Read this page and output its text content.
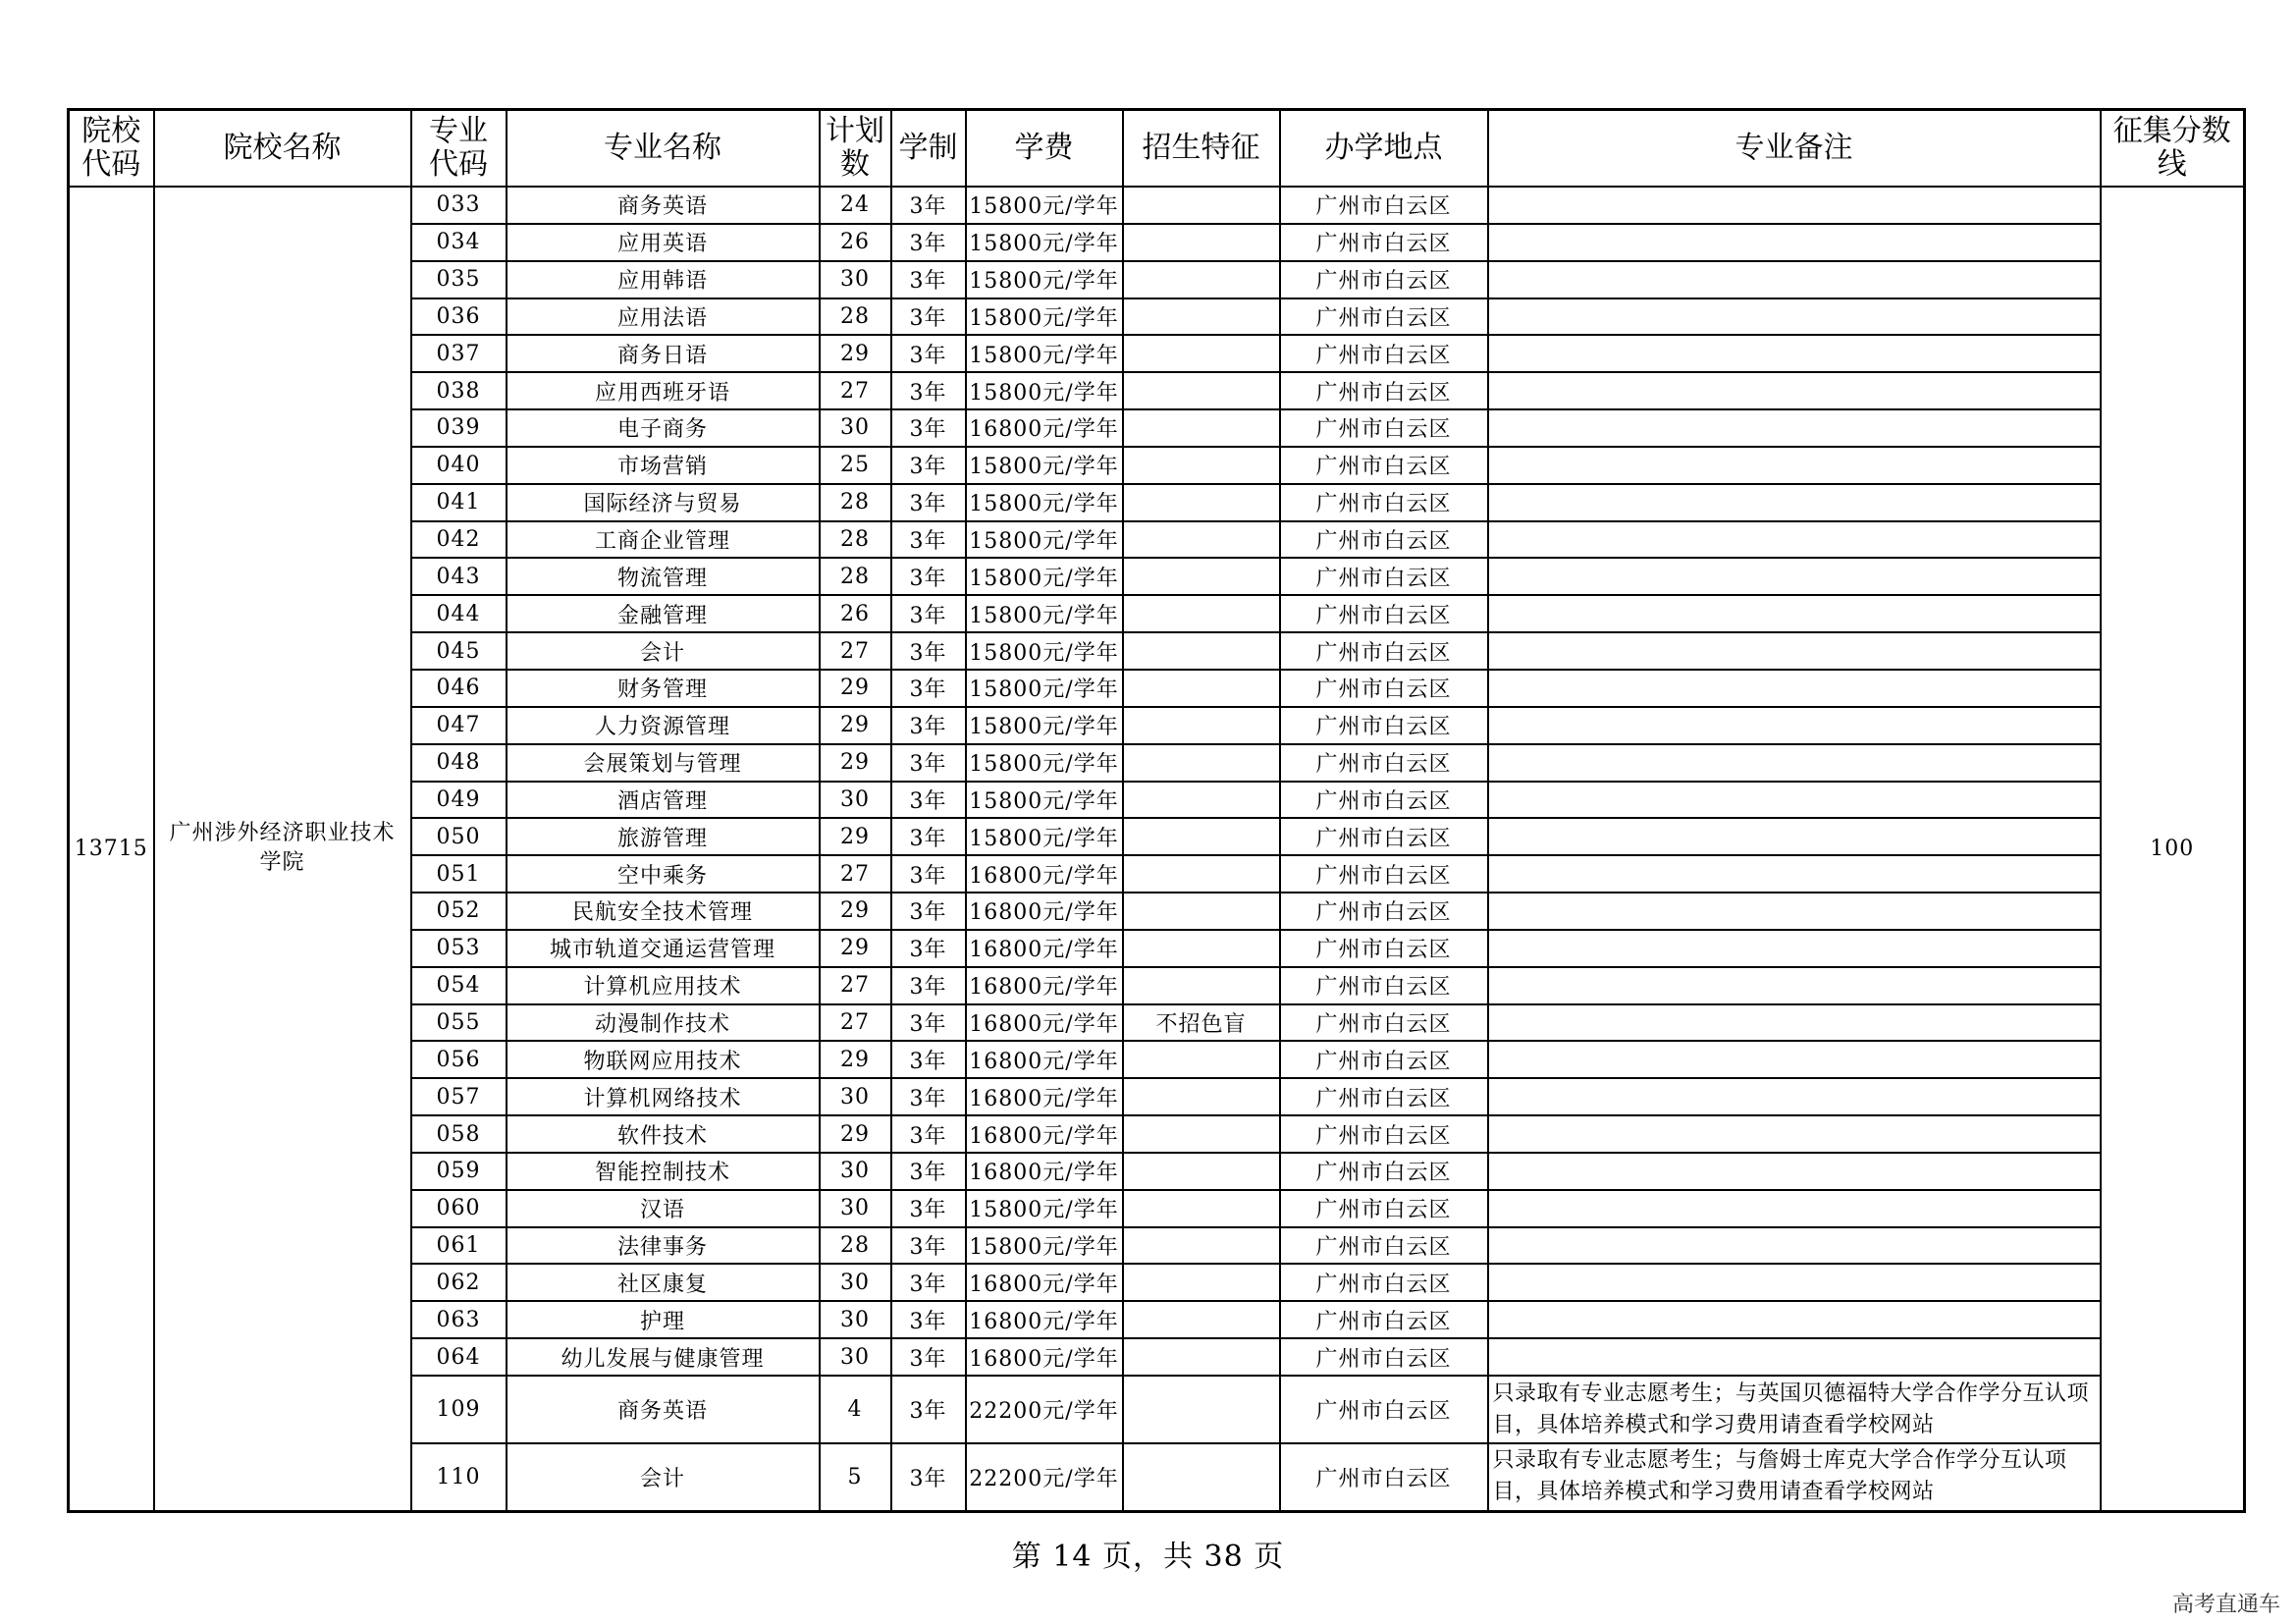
院校代码	院校名称	专业代码	专业名称	计划数	学制	学费	招生特征	办学地点	专业备注	征集分数线
13715	广州涉外经济职业技术学院	033	商务英语	24	3年	15800元/学年		广州市白云区		100
		034	应用英语	26	3年	15800元/学年		广州市白云区		
		035	应用韩语	30	3年	15800元/学年		广州市白云区		
		036	应用法语	28	3年	15800元/学年		广州市白云区		
		037	商务日语	29	3年	15800元/学年		广州市白云区		
		038	应用西班牙语	27	3年	15800元/学年		广州市白云区		
		039	电子商务	30	3年	16800元/学年		广州市白云区		
		040	市场营销	25	3年	15800元/学年		广州市白云区		
		041	国际经济与贸易	28	3年	15800元/学年		广州市白云区		
		042	工商企业管理	28	3年	15800元/学年		广州市白云区		
		043	物流管理	28	3年	15800元/学年		广州市白云区		
		044	金融管理	26	3年	15800元/学年		广州市白云区		
		045	会计	27	3年	15800元/学年		广州市白云区		
		046	财务管理	29	3年	15800元/学年		广州市白云区		
		047	人力资源管理	29	3年	15800元/学年		广州市白云区		
		048	会展策划与管理	29	3年	15800元/学年		广州市白云区		
		049	酒店管理	30	3年	15800元/学年		广州市白云区		
		050	旅游管理	29	3年	15800元/学年		广州市白云区		
		051	空中乘务	27	3年	16800元/学年		广州市白云区		
		052	民航安全技术管理	29	3年	16800元/学年		广州市白云区		
		053	城市轨道交通运营管理	29	3年	16800元/学年		广州市白云区		
		054	计算机应用技术	27	3年	16800元/学年		广州市白云区		
		055	动漫制作技术	27	3年	16800元/学年	不招色盲	广州市白云区		
		056	物联网应用技术	29	3年	16800元/学年		广州市白云区		
		057	计算机网络技术	30	3年	16800元/学年		广州市白云区		
		058	软件技术	29	3年	16800元/学年		广州市白云区		
		059	智能控制技术	30	3年	16800元/学年		广州市白云区		
		060	汉语	30	3年	15800元/学年		广州市白云区		
		061	法律事务	28	3年	15800元/学年		广州市白云区		
		062	社区康复	30	3年	16800元/学年		广州市白云区		
		063	护理	30	3年	16800元/学年		广州市白云区		
		064	幼儿发展与健康管理	30	3年	16800元/学年		广州市白云区		
		109	商务英语	4	3年	22200元/学年		广州市白云区	只录取有专业志愿考生；与英国贝德福特大学合作学分互认项目，具体培养模式和学习费用请查看学校网站	
		110	会计	5	3年	22200元/学年		广州市白云区	只录取有专业志愿考生；与詹姆士库克大学合作学分互认项目，具体培养模式和学习费用请查看学校网站	
第 14 页，共 38 页
高考直通车
